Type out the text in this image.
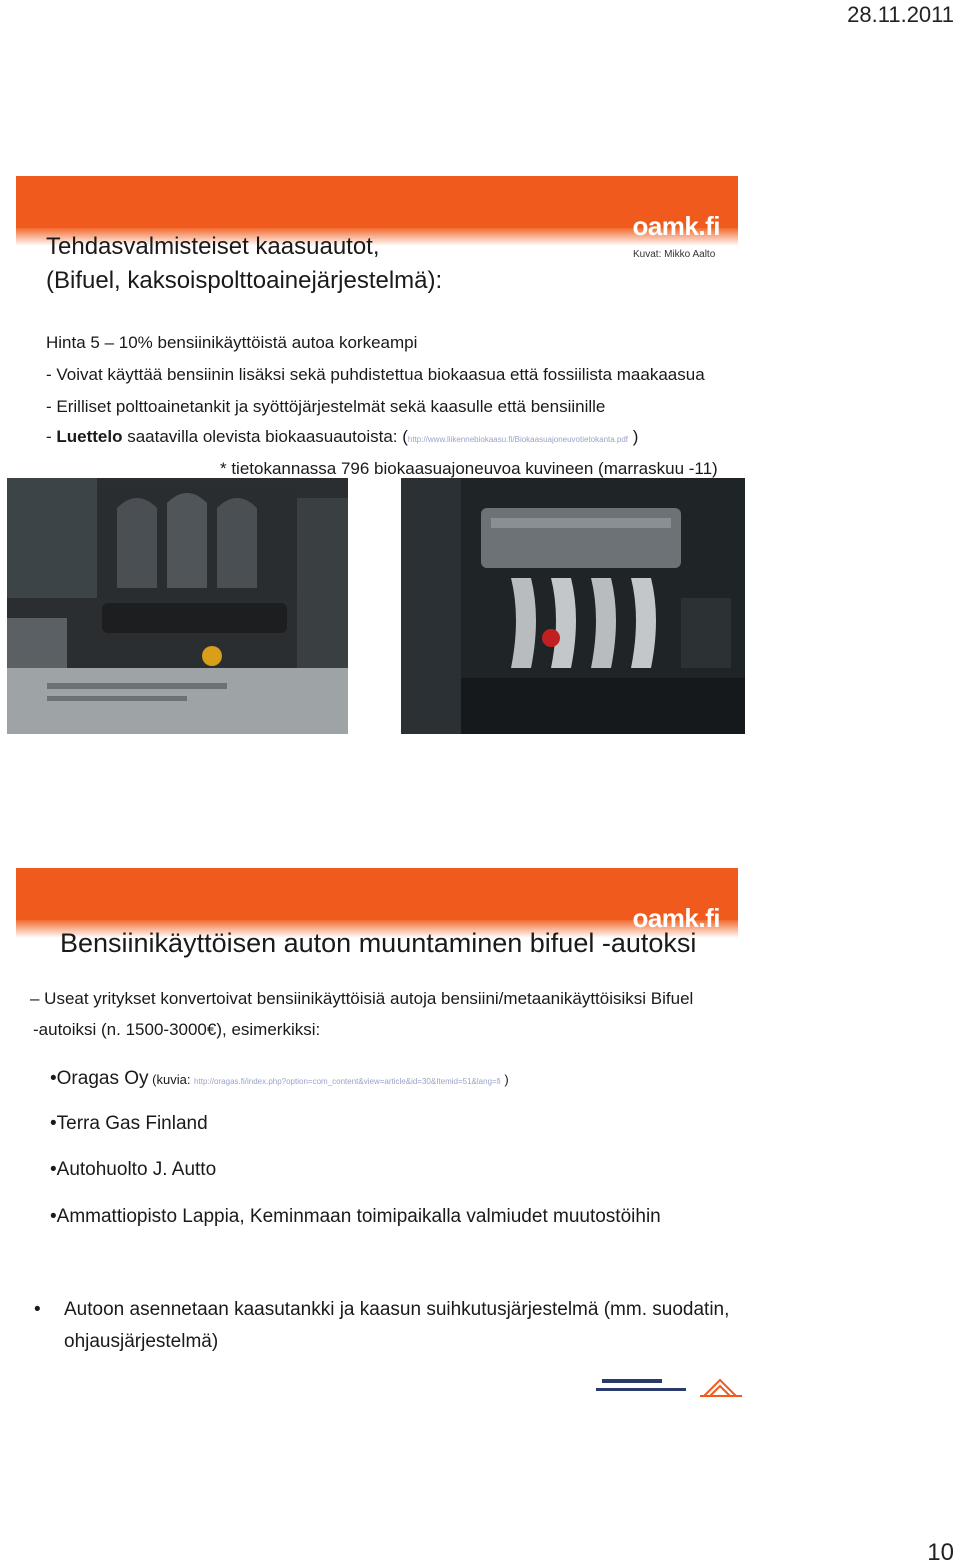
28.11.2011
oamk.fi
Tehdasvalmisteiset kaasuautot,
(Bifuel, kaksoispolttoainejärjestelmä):
Kuvat: Mikko Aalto
Hinta 5 – 10% bensiinikäyttöistä autoa korkeampi
- Voivat käyttää bensiinin lisäksi sekä puhdistettua biokaasua että fossiilista maakaasua
- Erilliset polttoainetankit ja syöttöjärjestelmät sekä kaasulle että bensiinille
- Luettelo saatavilla olevista biokaasuautoista: (http://www.liikennebiokaasu.fi/Biokaasuajoneuvotietokanta.pdf )
* tietokannassa 796 biokaasuajoneuvoa kuvineen (marraskuu -11)
oamk.fi
Bensiinikäyttöisen auton muuntaminen bifuel -autoksi
– Useat yritykset konvertoivat bensiinikäyttöisiä autoja bensiini/metaanikäyttöisiksi Bifuel
-autoiksi (n. 1500-3000€), esimerkiksi:
•Oragas Oy (kuvia: http://oragas.fi/index.php?option=com_content&view=article&id=30&Itemid=51&lang=fi )
•Terra Gas Finland
•Autohuolto J. Autto
•Ammattiopisto Lappia, Keminmaan toimipaikalla valmiudet muutostöihin
• Autoon asennetaan kaasutankki ja kaasun suihkutusjärjestelmä (mm. suodatin,
ohjausjärjestelmä)
10
